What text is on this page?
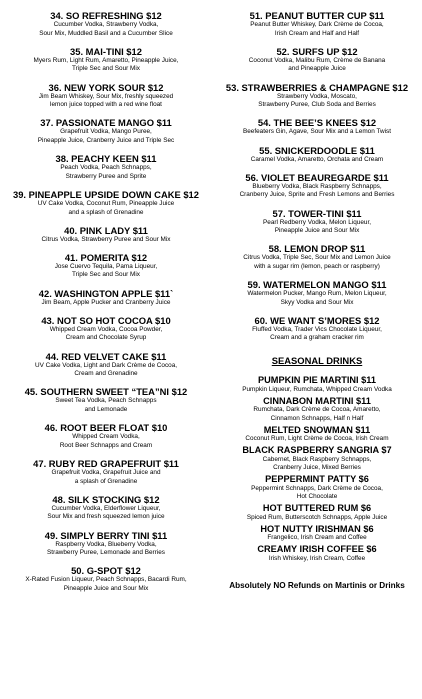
34. SO REFRESHING $12
Cucumber Vodka, Strawberry Vodka,
Sour Mix, Muddled Basil and a Cucumber Slice
35. MAI-TINI $12
Myers Rum, Light Rum, Amaretto, Pineapple Juice,
Triple Sec and Sour Mix
36. NEW YORK SOUR $12
Jim Beam Whiskey, Sour Mix, freshly squeezed
lemon juice topped with a red wine float
37. PASSIONATE MANGO $11
Grapefruit Vodka, Mango Puree,
Pineapple Juice, Cranberry Juice and Triple Sec
38. PEACHY KEEN $11
Peach Vodka, Peach Schnapps,
Strawberry Puree and Sprite
39. PINEAPPLE UPSIDE DOWN CAKE $12
UV Cake Vodka, Coconut Rum, Pineapple Juice
and a splash of Grenadine
40. PINK LADY $11
Citrus Vodka, Strawberry Puree and Sour Mix
41. POMERITA $12
Jose Cuervo Tequila, Pama Liqueur,
Triple Sec and Sour Mix
42. WASHINGTON APPLE $11`
Jim Beam, Apple Pucker and Cranberry Juice
43. NOT SO HOT COCOA $10
Whipped Cream Vodka, Cocoa Powder,
Cream and Chocolate Syrup
44. RED VELVET CAKE $11
UV Cake Vodka, Light and Dark Crème de Cocoa,
Cream and Grenadine
45. SOUTHERN SWEET “TEA”NI $12
Sweet Tea Vodka, Peach Schnapps
and Lemonade
46. ROOT BEER FLOAT $10
Whipped Cream Vodka,
Root Beer Schnapps and Cream
47. RUBY RED GRAPEFRUIT $11
Grapefruit Vodka, Grapefruit Juice and
a splash of Grenadine
48. SILK STOCKING $12
Cucumber Vodka, Elderflower Liqueur,
Sour Mix and fresh squeezed lemon juice
49. SIMPLY BERRY TINI $11
Raspberry Vodka, Blueberry Vodka,
Strawberry Puree, Lemonade and Berries
50. G-SPOT $12
X-Rated Fusion Liqueur, Peach Schnapps, Bacardi Rum,
Pineapple Juice and Sour Mix
51. PEANUT BUTTER CUP $11
Peanut Butter Whiskey, Dark Crème de Cocoa,
Irish Cream and Half and Half
52. SURFS UP $12
Coconut Vodka, Malibu Rum, Crème de Banana
and Pineapple Juice
53. STRAWBERRIES & CHAMPAGNE $12
Strawberry Vodka, Moscato,
Strawberry Puree, Club Soda and Berries
54. THE BEE’S KNEES $12
Beefeaters Gin, Agave, Sour Mix and a Lemon Twist
55. SNICKERDOODLE $11
Caramel Vodka, Amaretto, Orchata and Cream
56. VIOLET BEAUREGARDE $11
Blueberry Vodka, Black Raspberry Schnapps,
Cranberry Juice, Sprite and Fresh Lemons and Berries
57. TOWER-TINI $11
Pearl Redberry Vodka, Melon Liqueur,
Pineapple Juice and Sour Mix
58. LEMON DROP $11
Citrus Vodka, Triple Sec, Sour Mix and Lemon Juice
with a sugar rim (lemon, peach or raspberry)
59. WATERMELON MANGO $11
Watermelon Pucker, Mango Rum, Melon Liqueur,
Skyy Vodka and Sour Mix
60. WE WANT S’MORES $12
Fluffed Vodka, Trader Vics Chocolate Liqueur,
Cream and a graham cracker rim
SEASONAL DRINKS
PUMPKIN PIE MARTINI $11
Pumpkin Liqueur, Rumchata, Whipped Cream Vodka
CINNABON MARTINI $11
Rumchata, Dark Crème de Cocoa, Amaretto,
Cinnamon Schnapps, Half n Half
MELTED SNOWMAN $11
Coconut Rum, Light Crème de Cocoa, Irish Cream
BLACK RASPBERRY SANGRIA $7
Cabernet, Black Raspberry Schnapps,
Cranberry Juice, Mixed Berries
PEPPERMINT PATTY $6
Peppermint Schnapps, Dark Crème de Cocoa,
Hot Chocolate
HOT BUTTERED RUM $6
Spiced Rum, Butterscotch Schnapps, Apple Juice
HOT NUTTY IRISHMAN $6
Frangelico, Irish Cream and Coffee
CREAMY IRISH COFFEE $6
Irish Whiskey, Irish Cream, Coffee
Absolutely NO Refunds on Martinis or Drinks
